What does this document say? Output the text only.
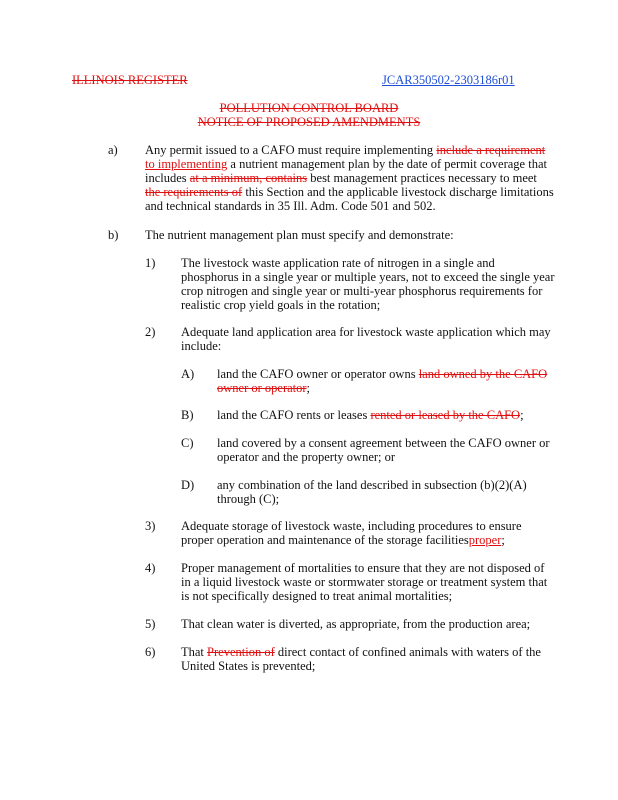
ILLINOIS REGISTER	JCAR350502-2303186r01
POLLUTION CONTROL BOARD
NOTICE OF PROPOSED AMENDMENTS
a) Any permit issued to a CAFO must require implementing include a requirement
to implementing a nutrient management plan by the date of permit coverage that
includes at a minimum, contains best management practices necessary to meet
the requirements of this Section and the applicable livestock discharge limitations
and technical standards in 35 Ill. Adm. Code 501 and 502.
b) The nutrient management plan must specify and demonstrate:
1) The livestock waste application rate of nitrogen in a single and
phosphorus in a single year or multiple years, not to exceed the single year
crop nitrogen and single year or multi-year phosphorus requirements for
realistic crop yield goals in the rotation;
2) Adequate land application area for livestock waste application which may
include:
A) land the CAFO owner or operator owns land owned by the CAFO
owner or operator;
B) land the CAFO rents or leases rented or leased by the CAFO;
C) land covered by a consent agreement between the CAFO owner or
operator and the property owner; or
D) any combination of the land described in subsection (b)(2)(A)
through (C);
3) Adequate storage of livestock waste, including procedures to ensure
proper operation and maintenance of the storage facilitiesproper;
4) Proper management of mortalities to ensure that they are not disposed of
in a liquid livestock waste or stormwater storage or treatment system that
is not specifically designed to treat animal mortalities;
5) That clean water is diverted, as appropriate, from the production area;
6) That Prevention of direct contact of confined animals with waters of the
United States is prevented;
